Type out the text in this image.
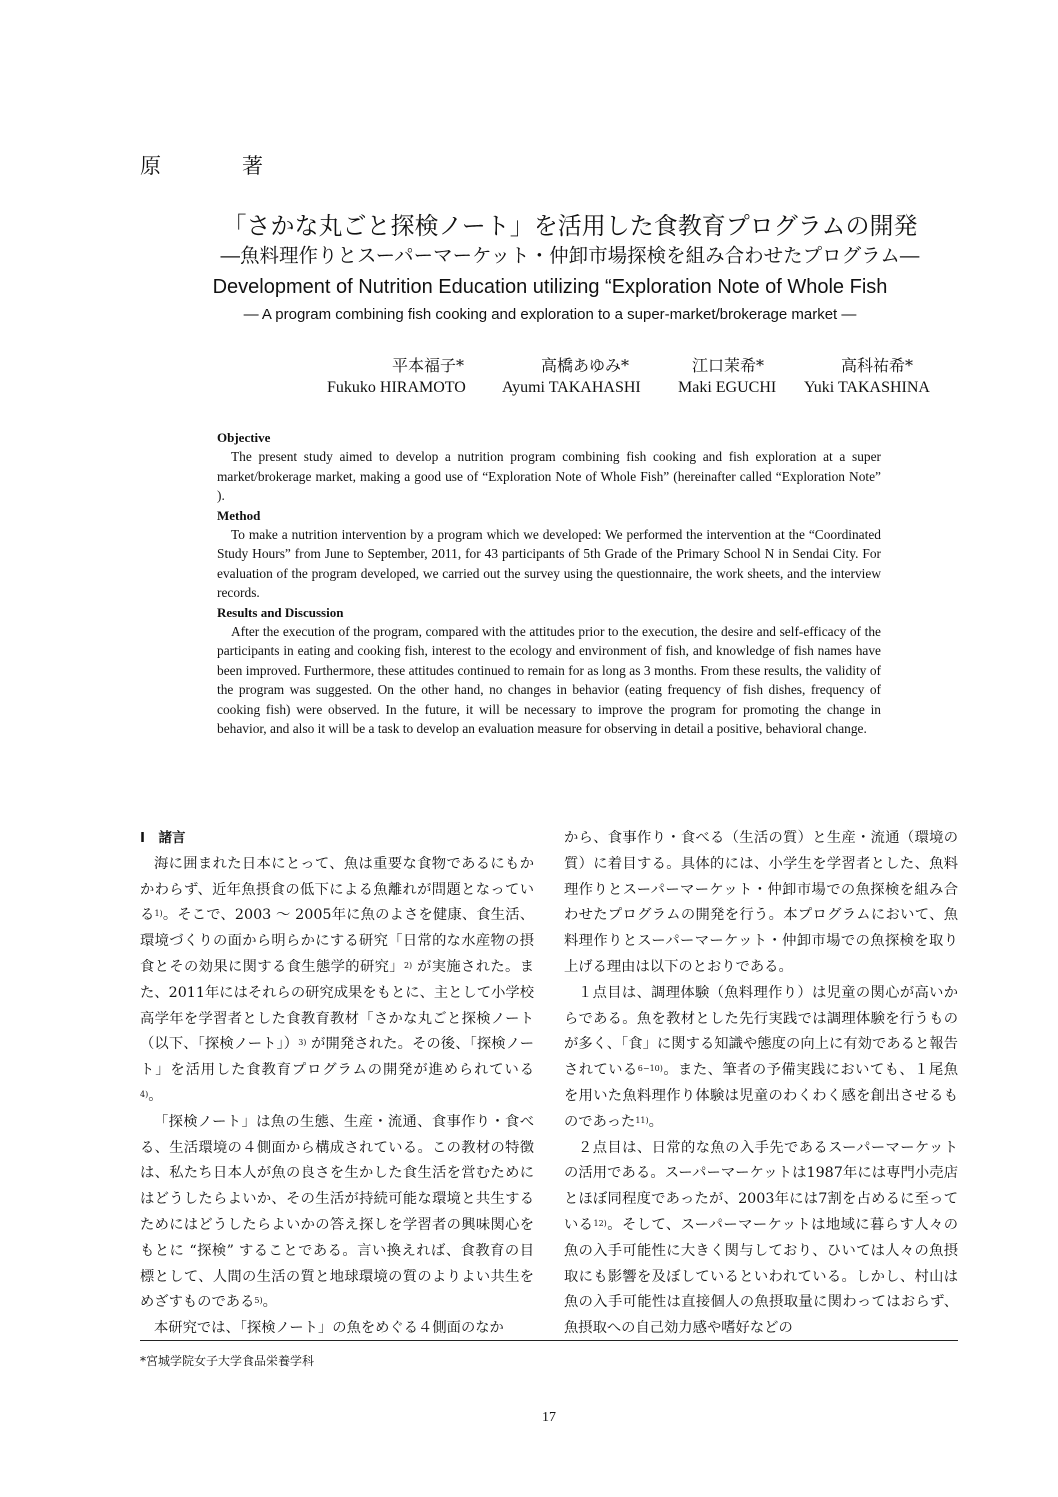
原　著
「さかな丸ごと探検ノート」を活用した食教育プログラムの開発
―魚料理作りとスーパーマーケット・仲卸市場探検を組み合わせたプログラム―
Development of Nutrition Education utilizing “Exploration Note of Whole Fish
― A program combining fish cooking and exploration to a super-market/brokerage market ―
平本福子*	高橋あゆみ*	江口茉希*	高科祐希*
Fukuko HIRAMOTO Ayumi TAKAHASHI Maki EGUCHI Yuki TAKASHINA
Objective

The present study aimed to develop a nutrition program combining fish cooking and fish exploration at a super market/brokerage market, making a good use of “Exploration Note of Whole Fish” (hereinafter called “Exploration Note” ).

Method

To make a nutrition intervention by a program which we developed: We performed the intervention at the “Coordinated Study Hours” from June to September, 2011, for 43 participants of 5th Grade of the Primary School N in Sendai City. For evaluation of the program developed, we carried out the survey using the questionnaire, the work sheets, and the interview records.

Results and Discussion

After the execution of the program, compared with the attitudes prior to the execution, the desire and self-efficacy of the participants in eating and cooking fish, interest to the ecology and environment of fish, and knowledge of fish names have been improved. Furthermore, these attitudes continued to remain for as long as 3 months. From these results, the validity of the program was suggested. On the other hand, no changes in behavior (eating frequency of fish dishes, frequency of cooking fish) were observed. In the future, it will be necessary to improve the program for promoting the change in behavior, and also it will be a task to develop an evaluation measure for observing in detail a positive, behavioral change.

Ⅰ　諸言

海に囲まれた日本にとって、魚は重要な食物であるにもかかわらず、近年魚摂食の低下による魚離れが問題となっている$^{1)}$。そこで、2003 ～ 2005年に魚のよさを健康、食生活、環境づくりの面から明らかにする研究「日常的な水産物の摂食とその効果に関する食生態学的研究」$^{2)}$ が実施された。また、2011年にはそれらの研究成果をもとに、主として小学校高学年を学習者とした食教育教材「さかな丸ごと探検ノート（以下、「探検ノート」）$^{3)}$ が開発された。その後、「探検ノート」を活用した食教育プログラムの開発が進められている$^{4)}$。

「探検ノート」は魚の生態、生産・流通、食事作り・食べる、生活環境の４側面から構成されている。この教材の特徴は、私たち日本人が魚の良さを生かした食生活を営むためにはどうしたらよいか、その生活が持続可能な環境と共生するためにはどうしたらよいかの答え探しを学習者の興味関心をもとに “探検” することである。言い換えれば、食教育の目標として、人間の生活の質と地球環境の質のよりよい共生をめざすものである$^{5)}$。

本研究では、「探検ノート」の魚をめぐる４側面のなか

から、食事作り・食べる（生活の質）と生産・流通（環境の質）に着目する。具体的には、小学生を学習者とした、魚料理作りとスーパーマーケット・仲卸市場での魚探検を組み合わせたプログラムの開発を行う。本プログラムにおいて、魚料理作りとスーパーマーケット・仲卸市場での魚探検を取り上げる理由は以下のとおりである。

１点目は、調理体験（魚料理作り）は児童の関心が高いからである。魚を教材とした先行実践では調理体験を行うものが多く、「食」に関する知識や態度の向上に有効であると報告されている$^{6-10)}$。また、筆者の予備実践においても、１尾魚を用いた魚料理作り体験は児童のわくわく感を創出させるものであった$^{11)}$。

２点目は、日常的な魚の入手先であるスーパーマーケットの活用である。スーパーマーケットは1987年には専門小売店とほぼ同程度であったが、2003年には7割を占めるに至っている$^{12)}$。そして、スーパーマーケットは地域に暮らす人々の魚の入手可能性に大きく関与しており、ひいては人々の魚摂取にも影響を及ぼしているといわれている。しかし、村山は魚の入手可能性は直接個人の魚摂取量に関わってはおらず、魚摂取への自己効力感や嗜好などの

*宮城学院女子大学食品栄養学科
17
